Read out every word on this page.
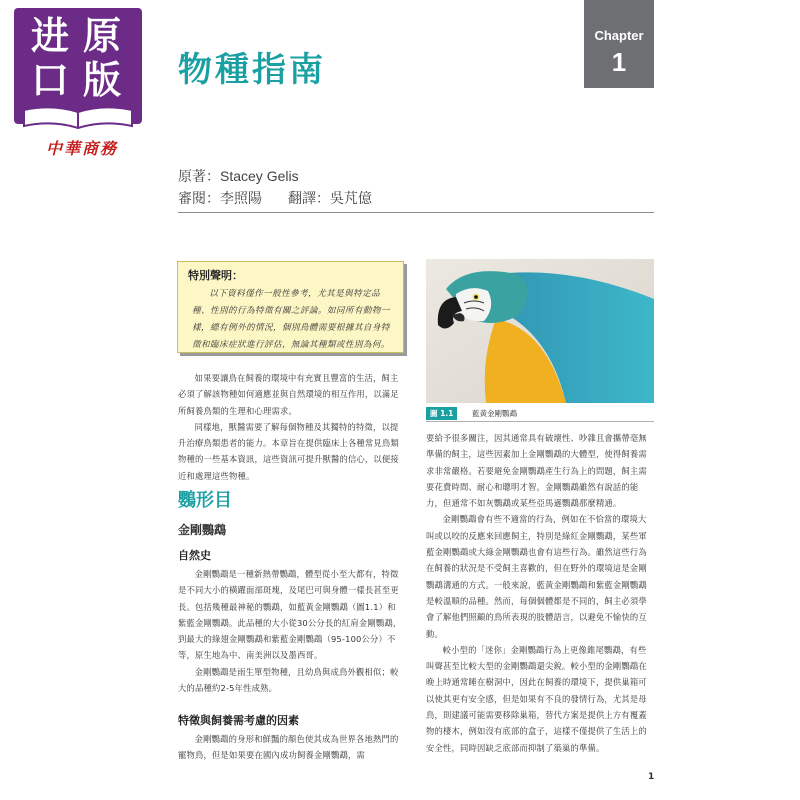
进 原
口 版
中華商務
物種指南
Chapter
1
原著：Stacey Gelis
審閱：李照陽 翻譯：吳芃億
特別聲明：
以下資料僅作一般性參考，尤其是與特定品種、性別的行為特徵有關之評論。如同所有動物一樣，總有例外的情況，個別鳥體需要根據其自身特徵和臨床症狀進行評估，無論其種類或性別為何。

如果要讓鳥在飼養的環境中有充實且豐富的生活，飼主必須了解該物種如何適應並與自然環境的相互作用，以滿足所飼養鳥類的生理和心理需求。

同樣地，獸醫需要了解每個物種及其獨特的特徵，以提升治療鳥類患者的能力。本章旨在提供臨床上各種常見鳥類物種的一些基本資訊，這些資訊可提升獸醫的信心，以便接近和處理這些物種。

鸚形目
金剛鸚鵡
自然史

金剛鸚鵡是一種新熱帶鸚鵡，體型從小至大都有，特徵是不同大小的橫躍面部斑塊，及尾巴可與身體一樣長甚至更長。包括幾種最神秘的鸚鵡，如藍黃金剛鸚鵡（圖1.1）和紫藍金剛鸚鵡。此品種的大小從30公分長的紅肩金剛鸚鵡，到最大的綠翅金剛鸚鵡和紫藍金剛鸚鵡（95-100公分）不等，原生地為中、南美洲以及墨西哥。

金剛鸚鵡是雨生單型物種，且幼鳥與成鳥外觀相似；較大的品種約2-5年性成熟。

特徵與飼養需考慮的因素

金剛鸚鵡的身形和鮮豔的顏色使其成為世界各地熱門的寵物鳥，但是如果要在國內成功飼養金剛鸚鵡，需

圖 1.1	藍黃金剛鸚鵡

要給予很多關注，因其通常具有破壞性、吵雜且會攜帶毫無準備的飼主，這些因素加上金剛鸚鵡的大體型，使得飼養需求非常嚴格。若要避免金剛鸚鵡產生行為上的問題，飼主需要花費時間、耐心和聰明才智。金剛鸚鵡雖然有說話的能力，但通常不如灰鸚鵡或某些亞馬遜鸚鵡那麼精通。

金剛鸚鵡會有些不適當的行為，例如在不恰當的環境大叫或以咬的反應來回應飼主，特別是綠紅金剛鸚鵡，某些軍藍金剛鸚鵡或大綠金剛鸚鵡也會有這些行為。雖然這些行為在飼養的狀況是不受飼主喜歡的，但在野外的環境這是金剛鸚鵡溝通的方式。一般來說，藍黃金剛鸚鵡和紫藍金剛鸚鵡是較溫順的品種。然而，每個個體都是不同的，飼主必須學會了解他們照顧的鳥所表現的肢體語言，以避免不愉快的互動。

較小型的「迷你」金剛鸚鵡行為上更像錐尾鸚鵡，有些叫聲甚至比較大型的金剛鸚鵡還尖銳。較小型的金剛鸚鵡在晚上時通常睡在樹洞中，因此在飼養的環境下，提供巢箱可以使其更有安全感，但是如果有不良的發情行為，尤其是母鳥，則建議可能需要移除巢箱，替代方案是提供上方有覆蓋物的棲木，例如沒有底部的盒子，這樣不僅提供了生活上的安全性，同時因缺乏底部而抑制了築巢的準備。

1
